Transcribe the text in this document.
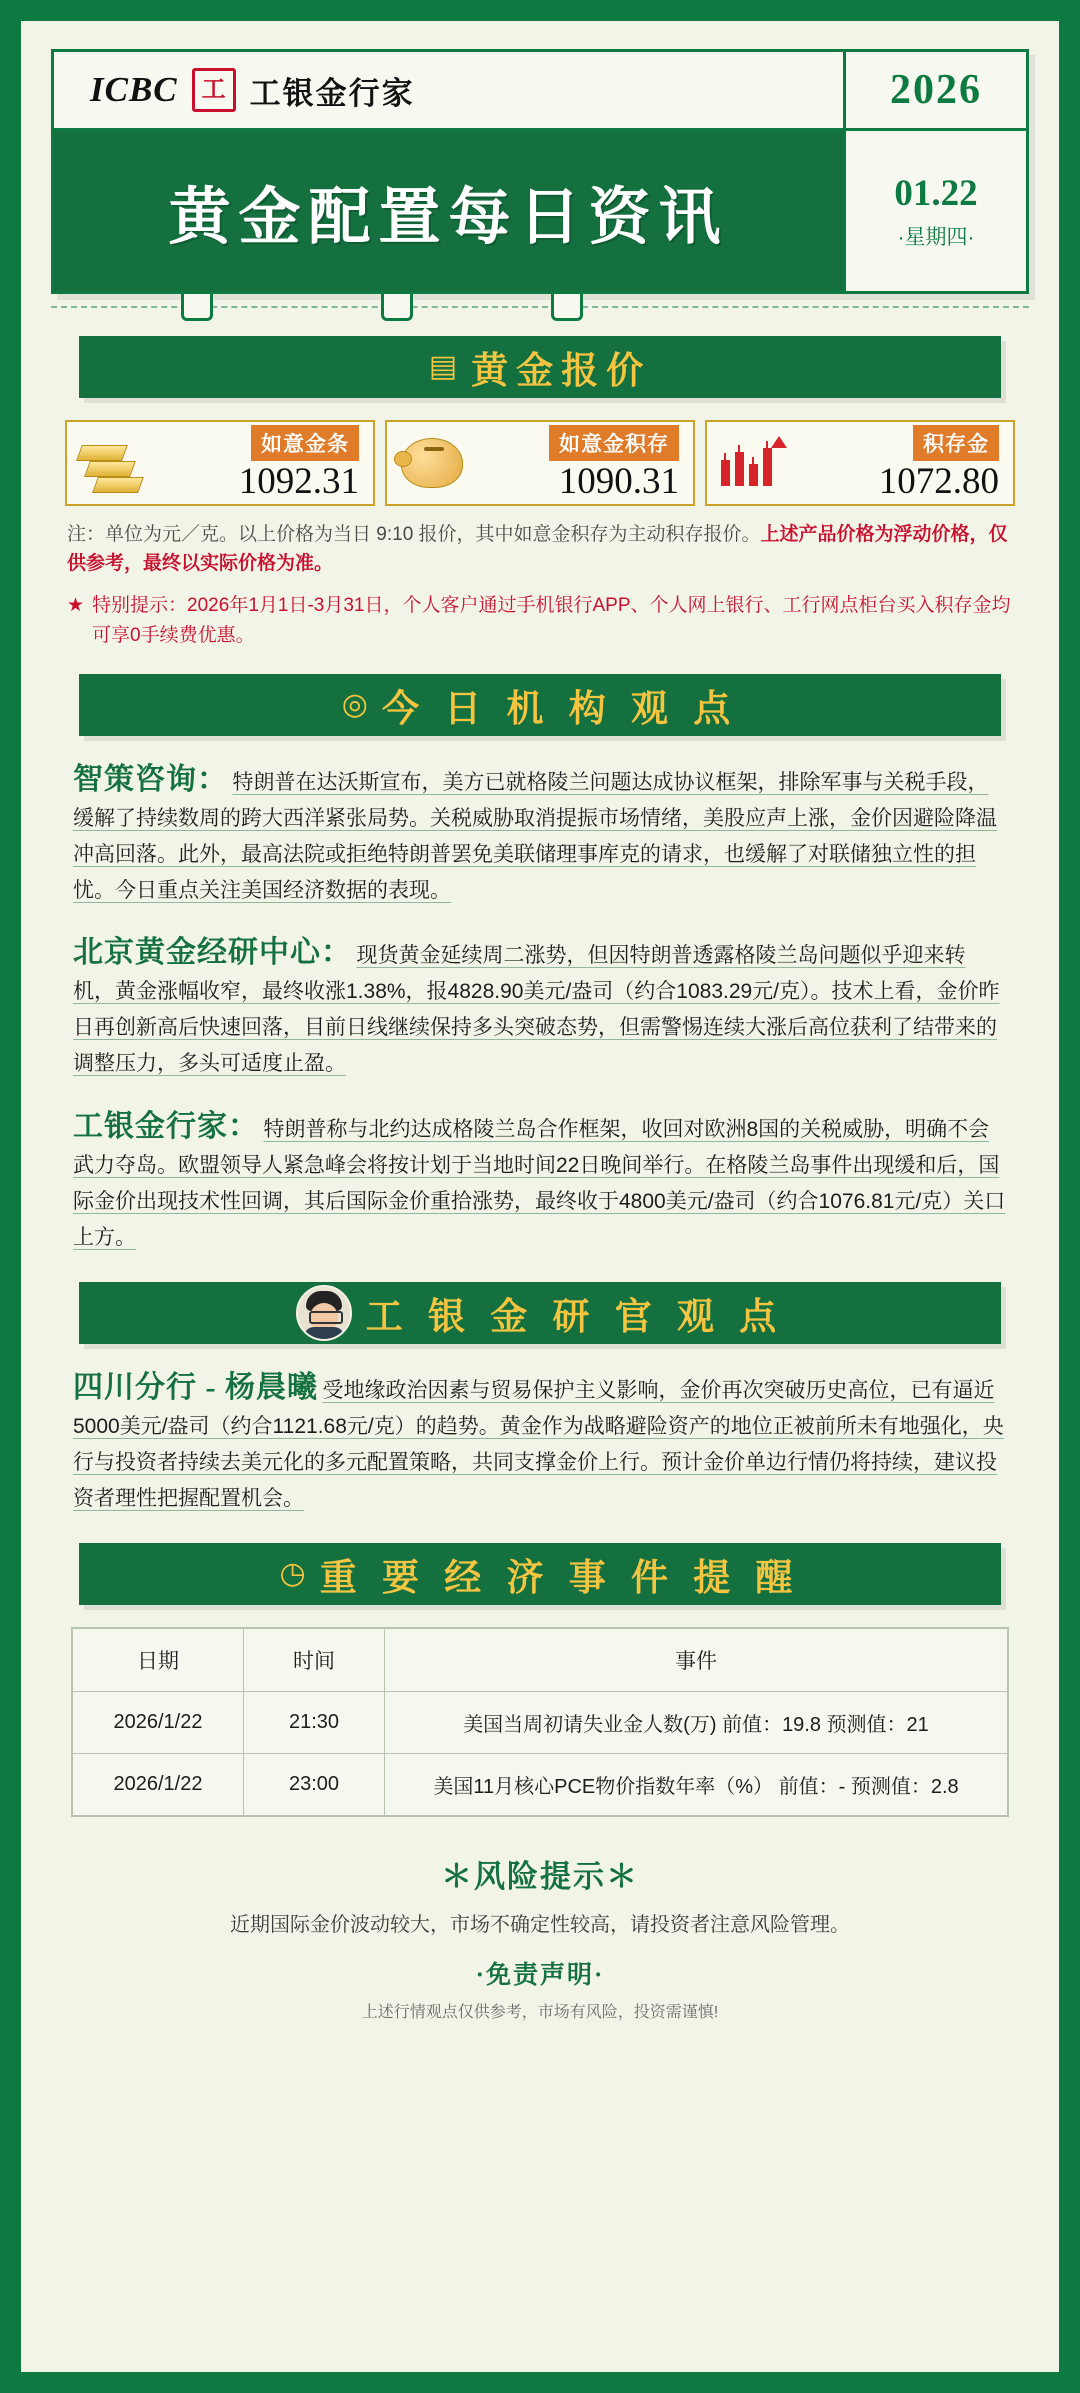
ICBC	工 工银金行家	2026
黄金配置每日资讯	01.22
·星期四·
▤ 黄金报价
如意金条
1092.31
如意金积存
1090.31
积存金
1072.80
注：单位为元／克。以上价格为当日 9:10 报价，其中如意金积存为主动积存报价。上述产品价格为浮动价格，仅供参考，最终以实际价格为准。
★ 特别提示：2026年1月1日-3月31日，个人客户通过手机银行APP、个人网上银行、工行网点柜台买入积存金均可享0手续费优惠。
◎ 今 日 机 构 观 点
智策咨询： 特朗普在达沃斯宣布，美方已就格陵兰问题达成协议框架，排除军事与关税手段，缓解了持续数周的跨大西洋紧张局势。关税威胁取消提振市场情绪，美股应声上涨，金价因避险降温冲高回落。此外，最高法院或拒绝特朗普罢免美联储理事库克的请求，也缓解了对联储独立性的担忧。今日重点关注美国经济数据的表现。
北京黄金经研中心： 现货黄金延续周二涨势，但因特朗普透露格陵兰岛问题似乎迎来转机，黄金涨幅收窄，最终收涨1.38%，报4828.90美元/盎司（约合1083.29元/克）。技术上看，金价昨日再创新高后快速回落，目前日线继续保持多头突破态势，但需警惕连续大涨后高位获利了结带来的调整压力，多头可适度止盈。
工银金行家： 特朗普称与北约达成格陵兰岛合作框架，收回对欧洲8国的关税威胁，明确不会武力夺岛。欧盟领导人紧急峰会将按计划于当地时间22日晚间举行。在格陵兰岛事件出现缓和后，国际金价出现技术性回调，其后国际金价重拾涨势，最终收于4800美元/盎司（约合1076.81元/克）关口上方。
工 银 金 研 官 观 点
四川分行 - 杨晨曦 受地缘政治因素与贸易保护主义影响，金价再次突破历史高位，已有逼近5000美元/盎司（约合1121.68元/克）的趋势。黄金作为战略避险资产的地位正被前所未有地强化，央行与投资者持续去美元化的多元配置策略，共同支撑金价上行。预计金价单边行情仍将持续，建议投资者理性把握配置机会。
◷ 重 要 经 济 事 件 提 醒
日期	时间	事件
2026/1/22	21:30	美国当周初请失业金人数(万) 前值：19.8 预测值：21
2026/1/22	23:00	美国11月核心PCE物价指数年率（%） 前值：- 预测值：2.8
＊风险提示＊
近期国际金价波动较大，市场不确定性较高，请投资者注意风险管理。
·免责声明·
上述行情观点仅供参考，市场有风险，投资需谨慎!
